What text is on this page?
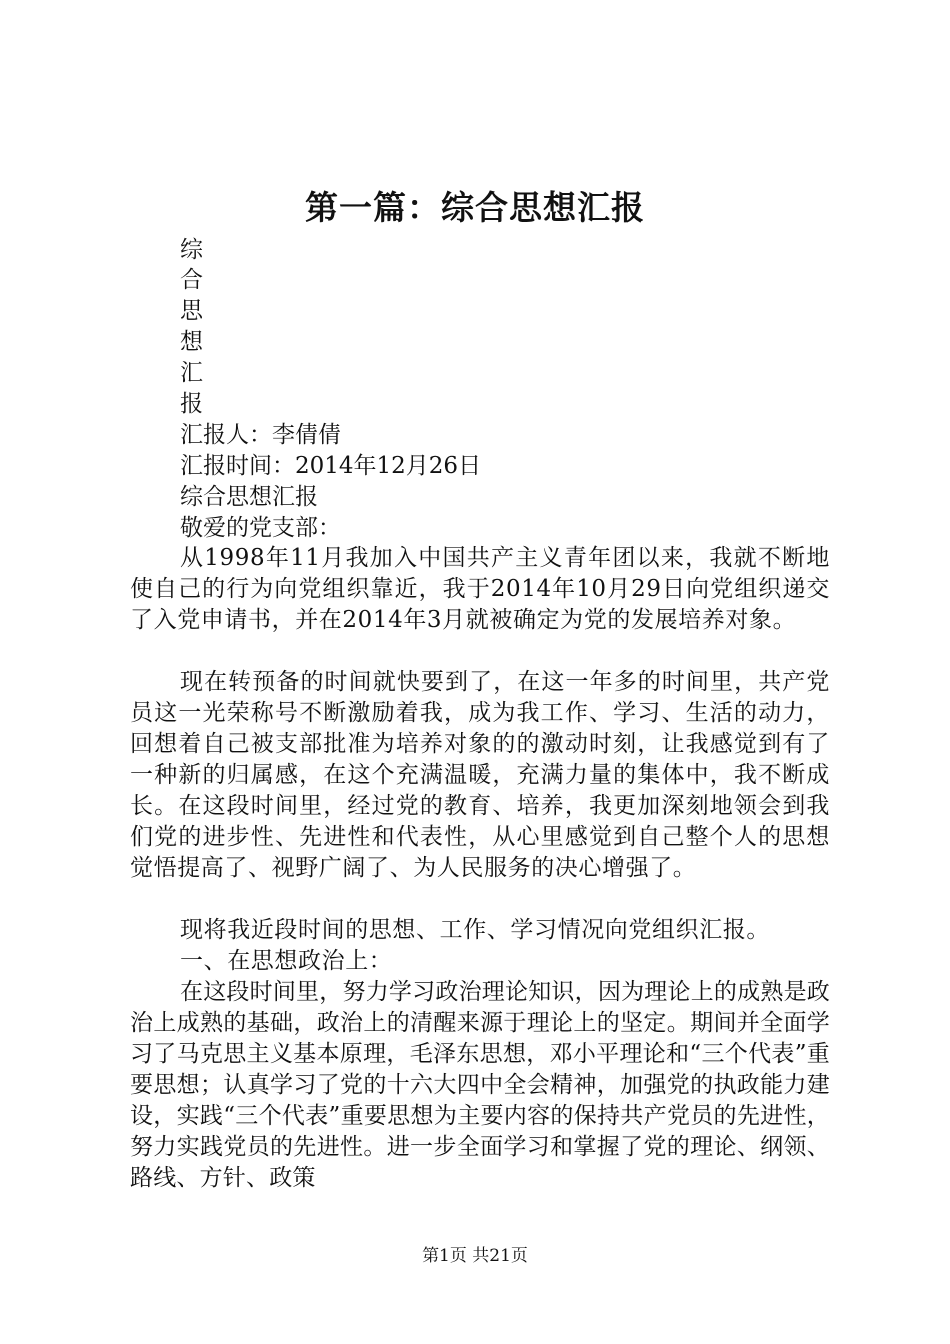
第一篇：综合思想汇报
综
合
思
想
汇
报
汇报人：李倩倩
汇报时间：2014年12月26日
综合思想汇报
敬爱的党支部：
从1998年11月我加入中国共产主义青年团以来，我就不断地使自己的行为向党组织靠近，我于2014年10月29日向党组织递交了入党申请书，并在2014年3月就被确定为党的发展培养对象。
现在转预备的时间就快要到了，在这一年多的时间里，共产党员这一光荣称号不断激励着我，成为我工作、学习、生活的动力，回想着自己被支部批准为培养对象的的激动时刻，让我感觉到有了一种新的归属感，在这个充满温暖，充满力量的集体中，我不断成长。在这段时间里，经过党的教育、培养，我更加深刻地领会到我们党的进步性、先进性和代表性，从心里感觉到自己整个人的思想觉悟提高了、视野广阔了、为人民服务的决心增强了。
现将我近段时间的思想、工作、学习情况向党组织汇报。
一、在思想政治上：
在这段时间里，努力学习政治理论知识，因为理论上的成熟是政治上成熟的基础，政治上的清醒来源于理论上的坚定。期间并全面学习了马克思主义基本原理，毛泽东思想，邓小平理论和“三个代表”重要思想；认真学习了党的十六大四中全会精神，加强党的执政能力建设，实践“三个代表”重要思想为主要内容的保持共产党员的先进性，努力实践党员的先进性。进一步全面学习和掌握了党的理论、纲领、路线、方针、政策
第1页 共21页
